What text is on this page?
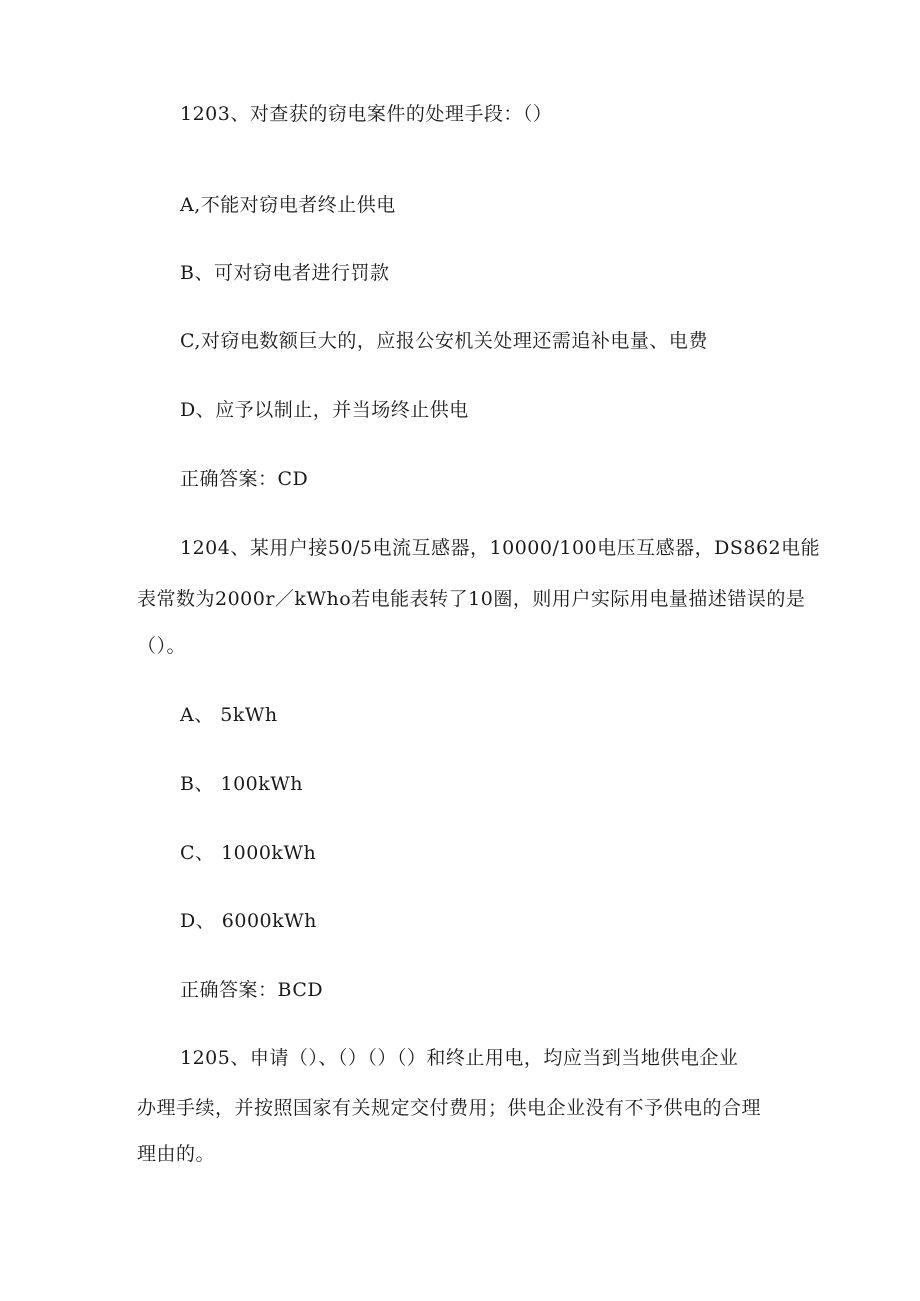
1203、对查获的窃电案件的处理手段：（）
A,不能对窃电者终止供电
B、可对窃电者进行罚款
C,对窃电数额巨大的，应报公安机关处理还需追补电量、电费
D、应予以制止，并当场终止供电
正确答案：CD
1204、某用户接50/5电流互感器，10000/100电压互感器，DS862电能
表常数为2000r／kWho若电能表转了10圈，则用户实际用电量描述错误的是
（）。
A、 5kWh
B、 100kWh
C、 1000kWh
D、 6000kWh
正确答案：BCD
1205、申请（）、（）（）（）和终止用电，均应当到当地供电企业
办理手续，并按照国家有关规定交付费用；供电企业没有不予供电的合理
理由的。
